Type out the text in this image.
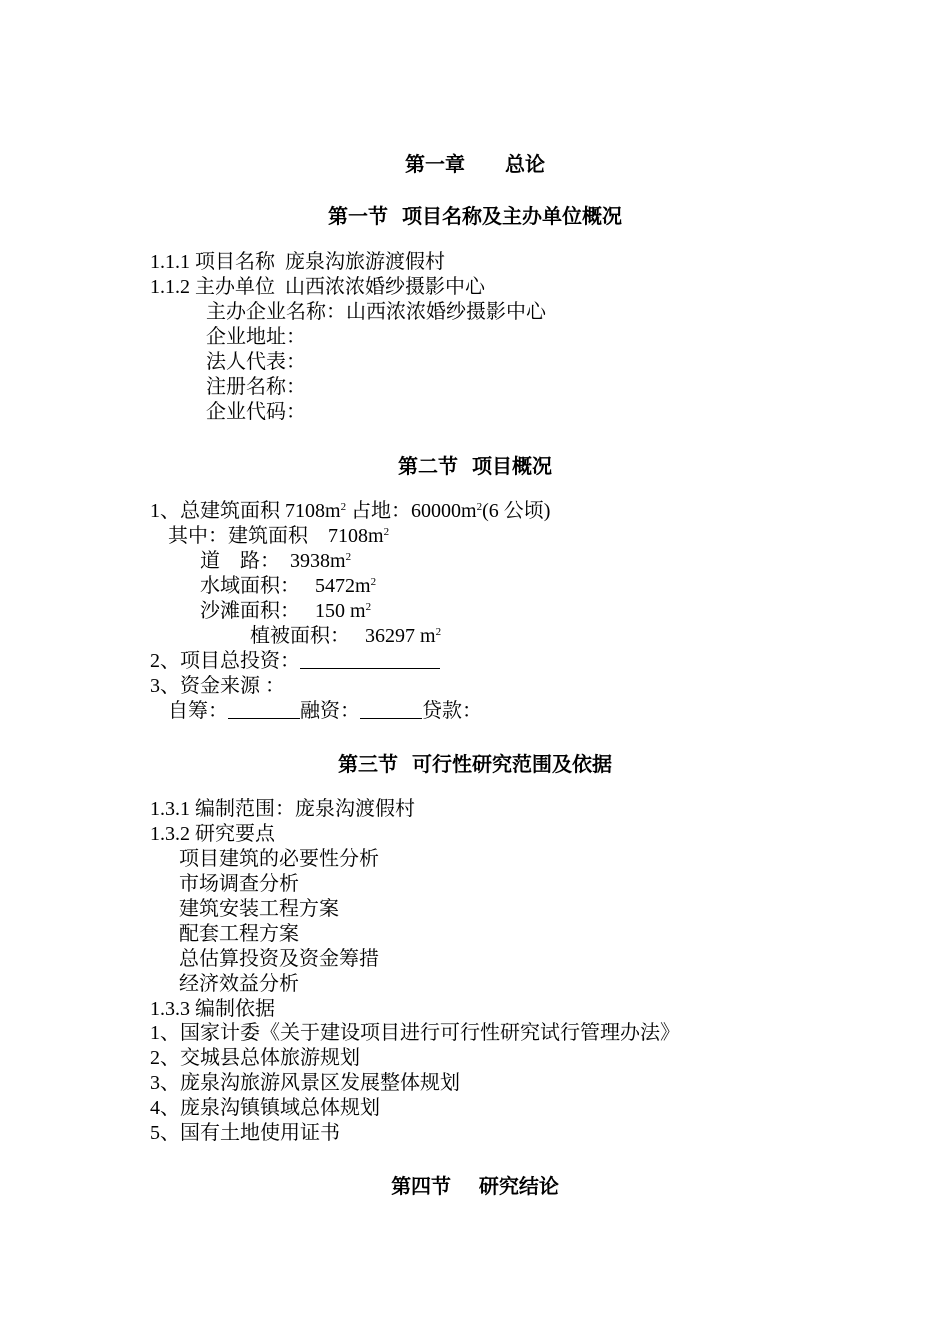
第一章　　总论
第一节  项目名称及主办单位概况
1.1.1 项目名称  庞泉沟旅游渡假村
1.1.2 主办单位  山西浓浓婚纱摄影中心
主办企业名称：山西浓浓婚纱摄影中心
企业地址：
法人代表：
注册名称：
企业代码：
第二节  项目概况
1、总建筑面积 $7108m^2$ 占地：$60000m^2(6$ 公顷)
其中：建筑面积    $7108m^2$
道    路：  $3938m^2$
水域面积：   $5472m^2$
沙滩面积：   150 $m^2$
植被面积：   36297 $m^2$
2、项目总投资：
3、资金来源 ：
自筹：	融资：	贷款：
第三节  可行性研究范围及依据
1.3.1 编制范围：庞泉沟渡假村
1.3.2 研究要点
项目建筑的必要性分析
市场调查分析
建筑安装工程方案
配套工程方案
总估算投资及资金筹措
经济效益分析
1.3.3 编制依据
1、国家计委《关于建设项目进行可行性研究试行管理办法》
2、交城县总体旅游规划
3、庞泉沟旅游风景区发展整体规划
4、庞泉沟镇镇域总体规划
5、国有土地使用证书
第四节    研究结论
